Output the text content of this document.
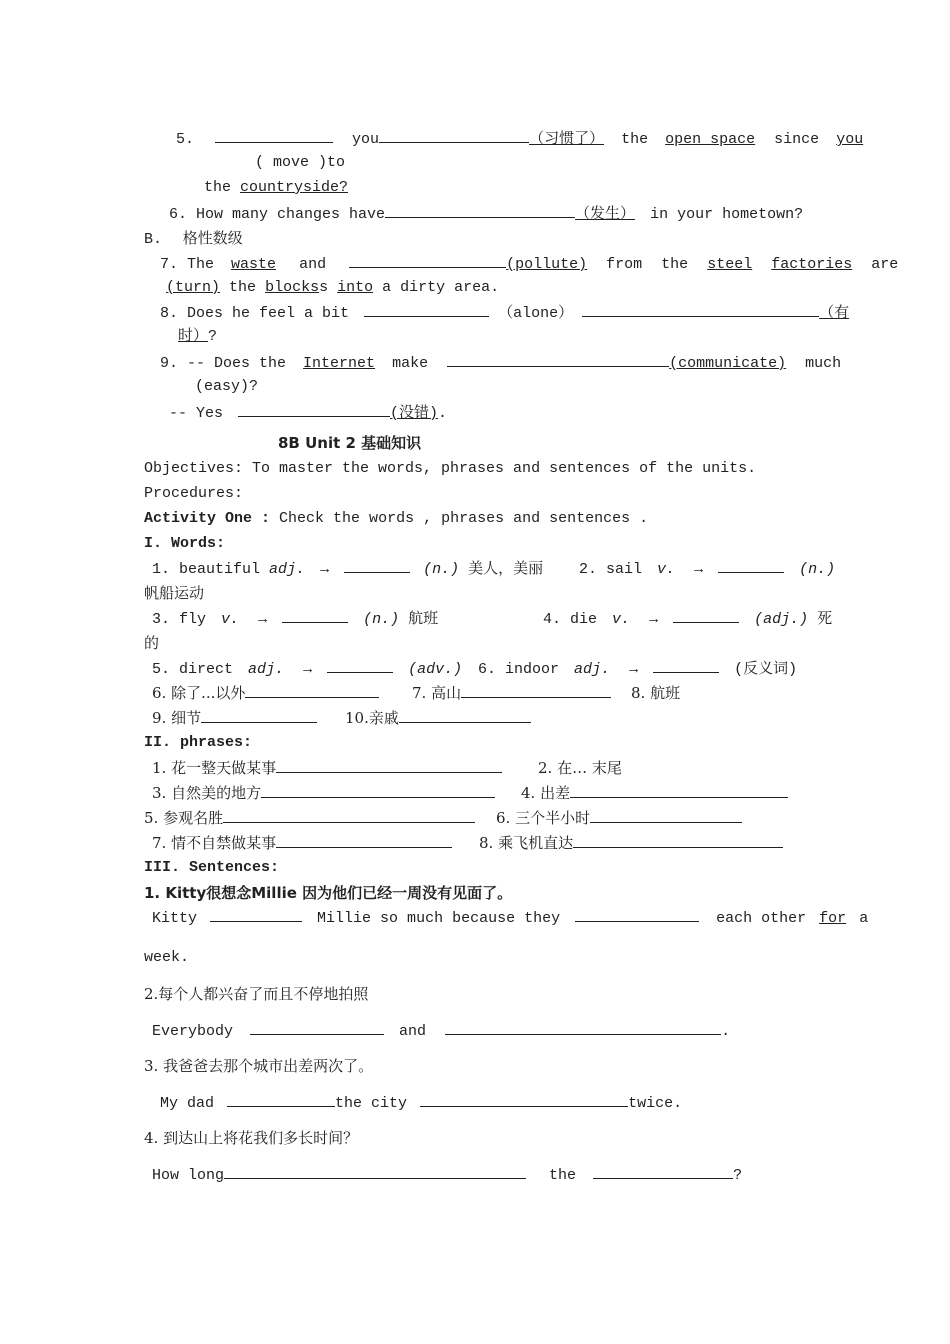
5.	you	（习惯了） the open space since you
( move )to
the countryside?
6. How many changes have	（发生） in your hometown?
B. 格性数级
7. The waste and	(pollute) from the steel factories are
(turn) the blockss into a dirty area.
8. Does he feel a bit	（alone）	（有
时）?
9. -- Does the Internet make	(communicate) much
(easy)?
-- Yes	(没错).
8B Unit 2 基础知识
Objectives: To master the words, phrases and sentences of the units.
Procedures:
Activity One : Check the words , phrases and sentences .
I. Words:
1. beautiful adj. →	(n.) 美人，美丽 2. sail v. →	(n.)
帆船运动
3. fly v. →	(n.) 航班	4. die v. →	(adj.) 死
的
5. direct adj. →	(adv.) 6. indoor adj. →	(反义词)
6. 除了...以外	7. 高山	8. 航班
9. 细节	10.亲戚
II. phrases:
1. 花一整天做某事	2. 在… 末尾
3. 自然美的地方	4. 出差
5. 参观名胜	6. 三个半小时
7. 情不自禁做某事	8. 乘飞机直达
III. Sentences:
1. Kitty很想念Millie 因为他们已经一周没有见面了。
Kitty	Millie so much because they	each other for a
week.
2.每个人都兴奋了而且不停地拍照
Everybody	and	.
3. 我爸爸去那个城市出差两次了。
My dad	the city	twice.
4. 到达山上将花我们多长时间？
How long	the	?
